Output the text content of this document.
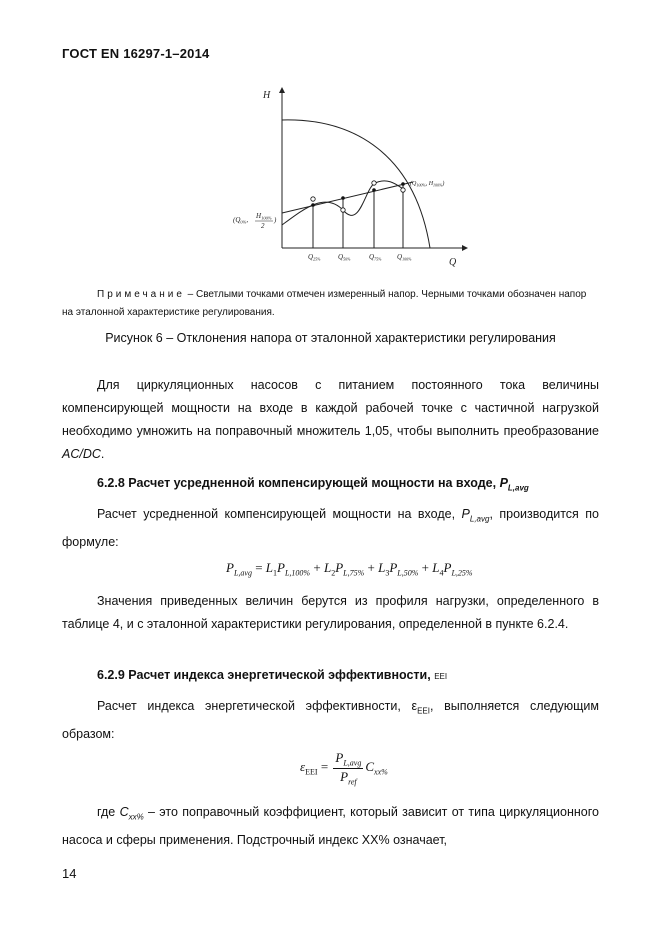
ГОСТ EN 16297-1–2014
H
Q
($Q_{0\%}$, $H_{100\%}$
2
)
($Q_{100\%}$, $H_{100\%}$)
$Q_{25\%}$	$Q_{50\%}$	$Q_{75\%}$ $Q_{100\%}$
Примечание – Светлыми точками отмечен измеренный напор. Черными точками обозначен напор на эталонной характеристике регулирования.
Рисунок 6 – Отклонения напора от эталонной характеристики регулирования

Для циркуляционных насосов с питанием постоянного тока величины компенсирующей мощности на входе в каждой рабочей точке с частичной нагрузкой необходимо умножить на поправочный множитель 1,05, чтобы выполнить преобразование AC/DC.

6.2.8 Расчет усредненной компенсирующей мощности на входе, $P_{L,avg}$

Расчет усредненной компенсирующей мощности на входе, $P_{L,avg}$, производится по формуле:

$P_{L,avg} = L_1P_{L,100\%} + L_2P_{L,75\%} + L_3P_{L,50\%} + L_4P_{L,25\%}$

Значения приведенных величин берутся из профиля нагрузки, определенного в таблице 4, и с эталонной характеристики регулирования, определенной в пункте 6.2.4.

6.2.9 Расчет индекса энергетической эффективности, EEI

Расчет индекса энергетической эффективности, $\varepsilon_{EEI}$, выполняется следующим образом:

$\varepsilon_{EEI} = \frac{P_{L,avg}}{P_{ref}} C_{xx\%}$

где $C_{xx\%}$ – это поправочный коэффициент, который зависит от типа циркуляционного насоса и сферы применения. Подстрочный индекс XX% означает,

14
